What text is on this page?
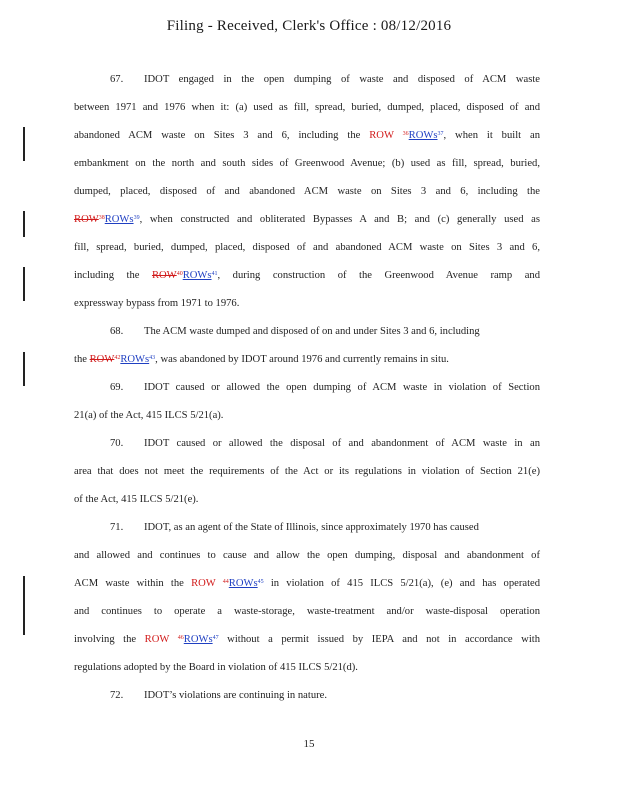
Filing - Received, Clerk's Office : 08/12/2016
67. IDOT engaged in the open dumping of waste and disposed of ACM waste
between 1971 and 1976 when it: (a) used as fill, spread, buried, dumped, placed, disposed of and
abandoned ACM waste on Sites 3 and 6, including the ROW $^{36}$ROWs$^{37}$, when it built an
embankment on the north and south sides of Greenwood Avenue; (b) used as fill, spread, buried,
dumped, placed, disposed of and abandoned ACM waste on Sites 3 and 6, including the
ROW$^{38}$ROWs$^{39}$, when constructed and obliterated Bypasses A and B; and (c) generally used as
fill, spread, buried, dumped, placed, disposed of and abandoned ACM waste on Sites 3 and 6,
including the ROW$^{40}$ROWs$^{41}$, during construction of the Greenwood Avenue ramp and
expressway bypass from 1971 to 1976.
68. The ACM waste dumped and disposed of on and under Sites 3 and 6, including
the ROW$^{42}$ROWs$^{43}$, was abandoned by IDOT around 1976 and currently remains in situ.
69. IDOT caused or allowed the open dumping of ACM waste in violation of Section
21(a) of the Act, 415 ILCS 5/21(a).
70. IDOT caused or allowed the disposal of and abandonment of ACM waste in an
area that does not meet the requirements of the Act or its regulations in violation of Section 21(e)
of the Act, 415 ILCS 5/21(e).
71. IDOT, as an agent of the State of Illinois, since approximately 1970 has caused
and allowed and continues to cause and allow the open dumping, disposal and abandonment of
ACM waste within the ROW $^{44}$ROWs$^{45}$ in violation of 415 ILCS 5/21(a), (e) and has operated
and continues to operate a waste-storage, waste-treatment and/or waste-disposal operation
involving the ROW $^{46}$ROWs$^{47}$ without a permit issued by IEPA and not in accordance with
regulations adopted by the Board in violation of 415 ILCS 5/21(d).
72. IDOT’s violations are continuing in nature.
15
